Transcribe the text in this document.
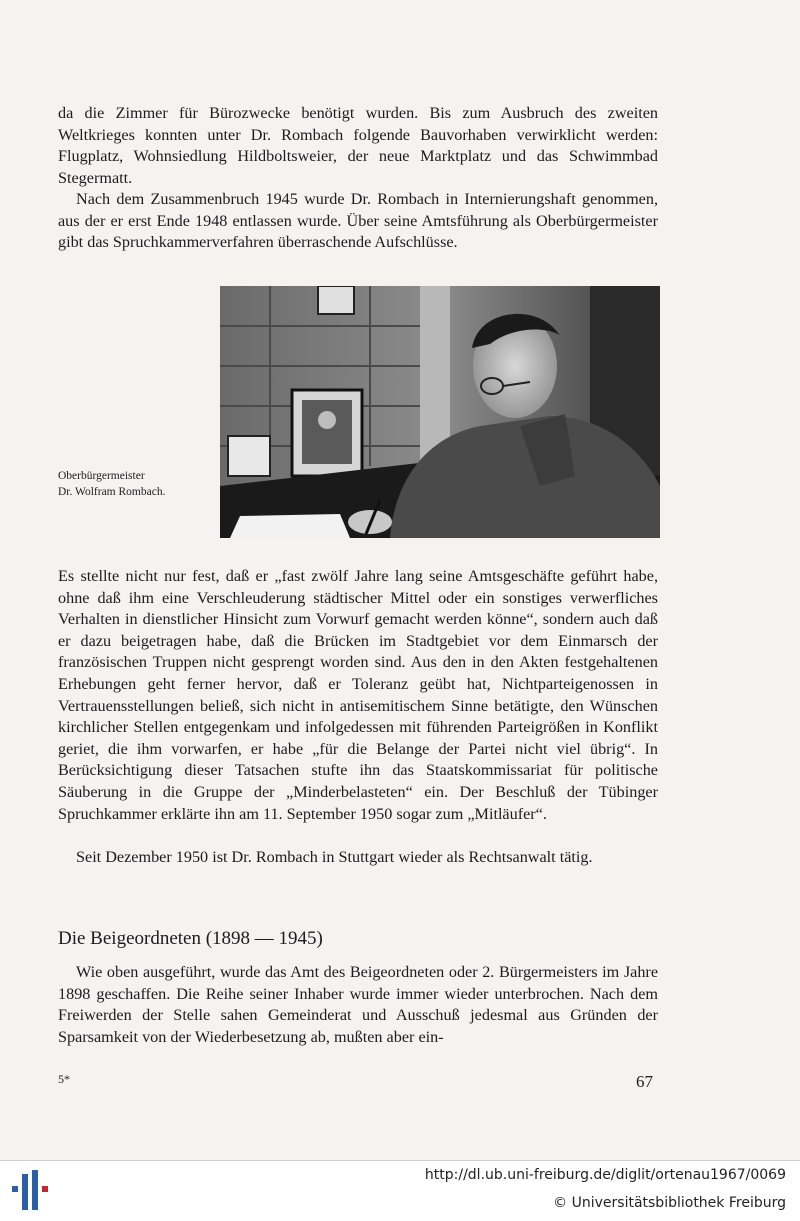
da die Zimmer für Bürozwecke benötigt wurden. Bis zum Ausbruch des zweiten Weltkrieges konnten unter Dr. Rombach folgende Bauvorhaben verwirklicht werden: Flugplatz, Wohnsiedlung Hildboltsweier, der neue Marktplatz und das Schwimmbad Stegermatt.

Nach dem Zusammenbruch 1945 wurde Dr. Rombach in Internierungshaft genommen, aus der er erst Ende 1948 entlassen wurde. Über seine Amtsführung als Oberbürgermeister gibt das Spruchkammerverfahren überraschende Aufschlüsse.

Oberbürgermeister
Dr. Wolfram Rombach.

Es stellte nicht nur fest, daß er „fast zwölf Jahre lang seine Amtsgeschäfte geführt habe, ohne daß ihm eine Verschleuderung städtischer Mittel oder ein sonstiges verwerfliches Verhalten in dienstlicher Hinsicht zum Vorwurf gemacht werden könne“, sondern auch daß er dazu beigetragen habe, daß die Brücken im Stadtgebiet vor dem Einmarsch der französischen Truppen nicht gesprengt worden sind. Aus den in den Akten festgehaltenen Erhebungen geht ferner hervor, daß er Toleranz geübt hat, Nichtparteigenossen in Vertrauensstellungen beließ, sich nicht in antisemitischem Sinne betätigte, den Wünschen kirchlicher Stellen entgegenkam und infolgedessen mit führenden Parteigrößen in Konflikt geriet, die ihm vorwarfen, er habe „für die Belange der Partei nicht viel übrig“. In Berücksichtigung dieser Tatsachen stufte ihn das Staatskommissariat für politische Säuberung in die Gruppe der „Minderbelasteten“ ein. Der Beschluß der Tübinger Spruchkammer erklärte ihn am 11. September 1950 sogar zum „Mitläufer“.

Seit Dezember 1950 ist Dr. Rombach in Stuttgart wieder als Rechtsanwalt tätig.

Die Beigeordneten (1898 — 1945)

Wie oben ausgeführt, wurde das Amt des Beigeordneten oder 2. Bürgermeisters im Jahre 1898 geschaffen. Die Reihe seiner Inhaber wurde immer wieder unterbrochen. Nach dem Freiwerden der Stelle sahen Gemeinderat und Ausschuß jedesmal aus Gründen der Sparsamkeit von der Wiederbesetzung ab, mußten aber ein-

5*	67
http://dl.ub.uni-freiburg.de/diglit/ortenau1967/0069
© Universitätsbibliothek Freiburg
